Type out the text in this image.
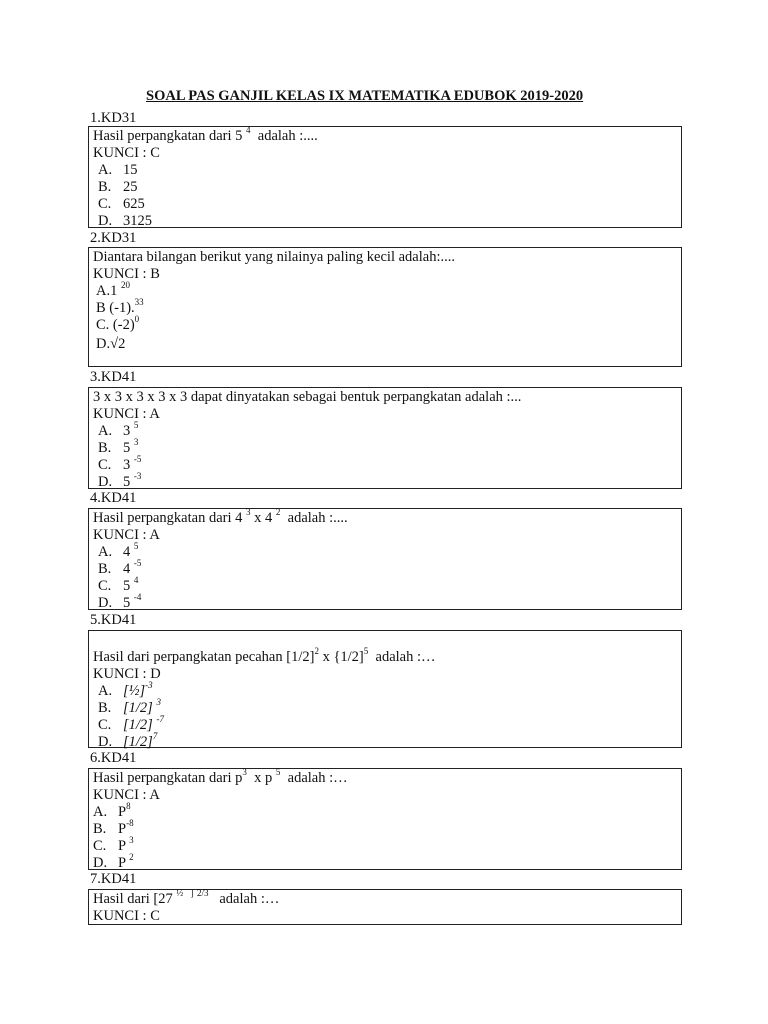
SOAL PAS GANJIL KELAS IX MATEMATIKA EDUBOK 2019-2020
1.KD31
Hasil perpangkatan dari 5 $^4$ adalah :....
KUNCI : C
A. 15
B. 25
C. 625
D. 3125
2.KD31
Diantara bilangan berikut yang nilainya paling kecil adalah:....
KUNCI : B
A.1 $^{20}$
B (-1).$^{33}$
C. $(-2)^0$
D.√2
3.KD41
3 x 3 x 3 x 3 x 3 dapat dinyatakan sebagai bentuk perpangkatan adalah :...
KUNCI : A
A. 3 $^5$
B. 5 $^3$
C. 3 $^{-5}$
D. 5 $^{-3}$
4.KD41
Hasil perpangkatan dari 4 $^3$ x 4 $^2$ adalah :....
KUNCI : A
A. 4 $^5$
B. 4 $^{-5}$
C. 5 $^4$
D. 5 $^{-4}$
5.KD41
Hasil dari perpangkatan pecahan $[1/2]^2$ x {1/2]$^5$ adalah :…
KUNCI : D
A. [½]$^{-3}$
B. [1/2] $^3$
C. [1/2] $^{-7}$
D. $[1/2]^7$
6.KD41
Hasil perpangkatan dari $p^3$ x p $^5$ adalah :…
KUNCI : A
A. $P^8$
B. $P^{-8}$
C. P $^3$
D. P $^2$
7.KD41
Hasil dari [27 $^{\frac{1}{2}}$ ] $^{2/3}$ adalah :…
KUNCI : C
